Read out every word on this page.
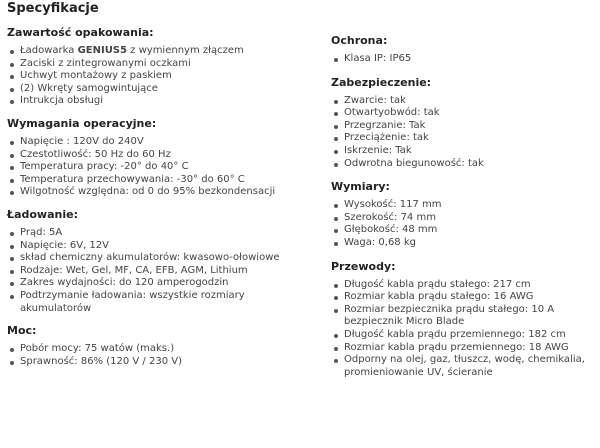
Specyfikacje
Zawartość opakowania:
Ładowarka GENIUS5 z wymiennym złączem
Zaciski z zintegrowanymi oczkami
Uchwyt montażowy z paskiem
(2) Wkręty samogwintujące
Intrukcja obsługi
Wymagania operacyjne:
Napięcie : 120V do 240V
Czestotliwość: 50 Hz do 60 Hz
Temperatura pracy: -20° do 40° C
Temperatura przechowywania: -30° do 60° C
Wilgotność względna: od 0 do 95% bezkondensacji
Ładowanie:
Prąd: 5A
Napięcie: 6V, 12V
skład chemiczny akumulatorów: kwasowo-ołowiowe
Rodzaje: Wet, Gel, MF, CA, EFB, AGM, Lithium
Zakres wydajności: do 120 amperogodzin
Podtrzymanie ładowania: wszystkie rozmiary akumulatorów
Moc:
Pobór mocy: 75 watów (maks.)
Sprawność: 86% (120 V / 230 V)
Ochrona:
Klasa IP: IP65
Zabezpieczenie:
Zwarcie: tak
Otwartyobwód: tak
Przegrzanie: Tak
Przeciążenie: tak
Iskrzenie: Tak
Odwrotna biegunowość: tak
Wymiary:
Wysokość: 117 mm
Szerokość: 74 mm
Głębokość: 48 mm
Waga: 0,68 kg
Przewody:
Długość kabla prądu stałego: 217 cm
Rozmiar kabla prądu stałego: 16 AWG
Rozmiar bezpiecznika prądu stałego: 10 A bezpiecznik Micro Blade
Długość kabla prądu przemiennego: 182 cm
Rozmiar kabla prądu przemiennego: 18 AWG
Odporny na olej, gaz, tłuszcz, wodę, chemikalia, promieniowanie UV, ścieranie
